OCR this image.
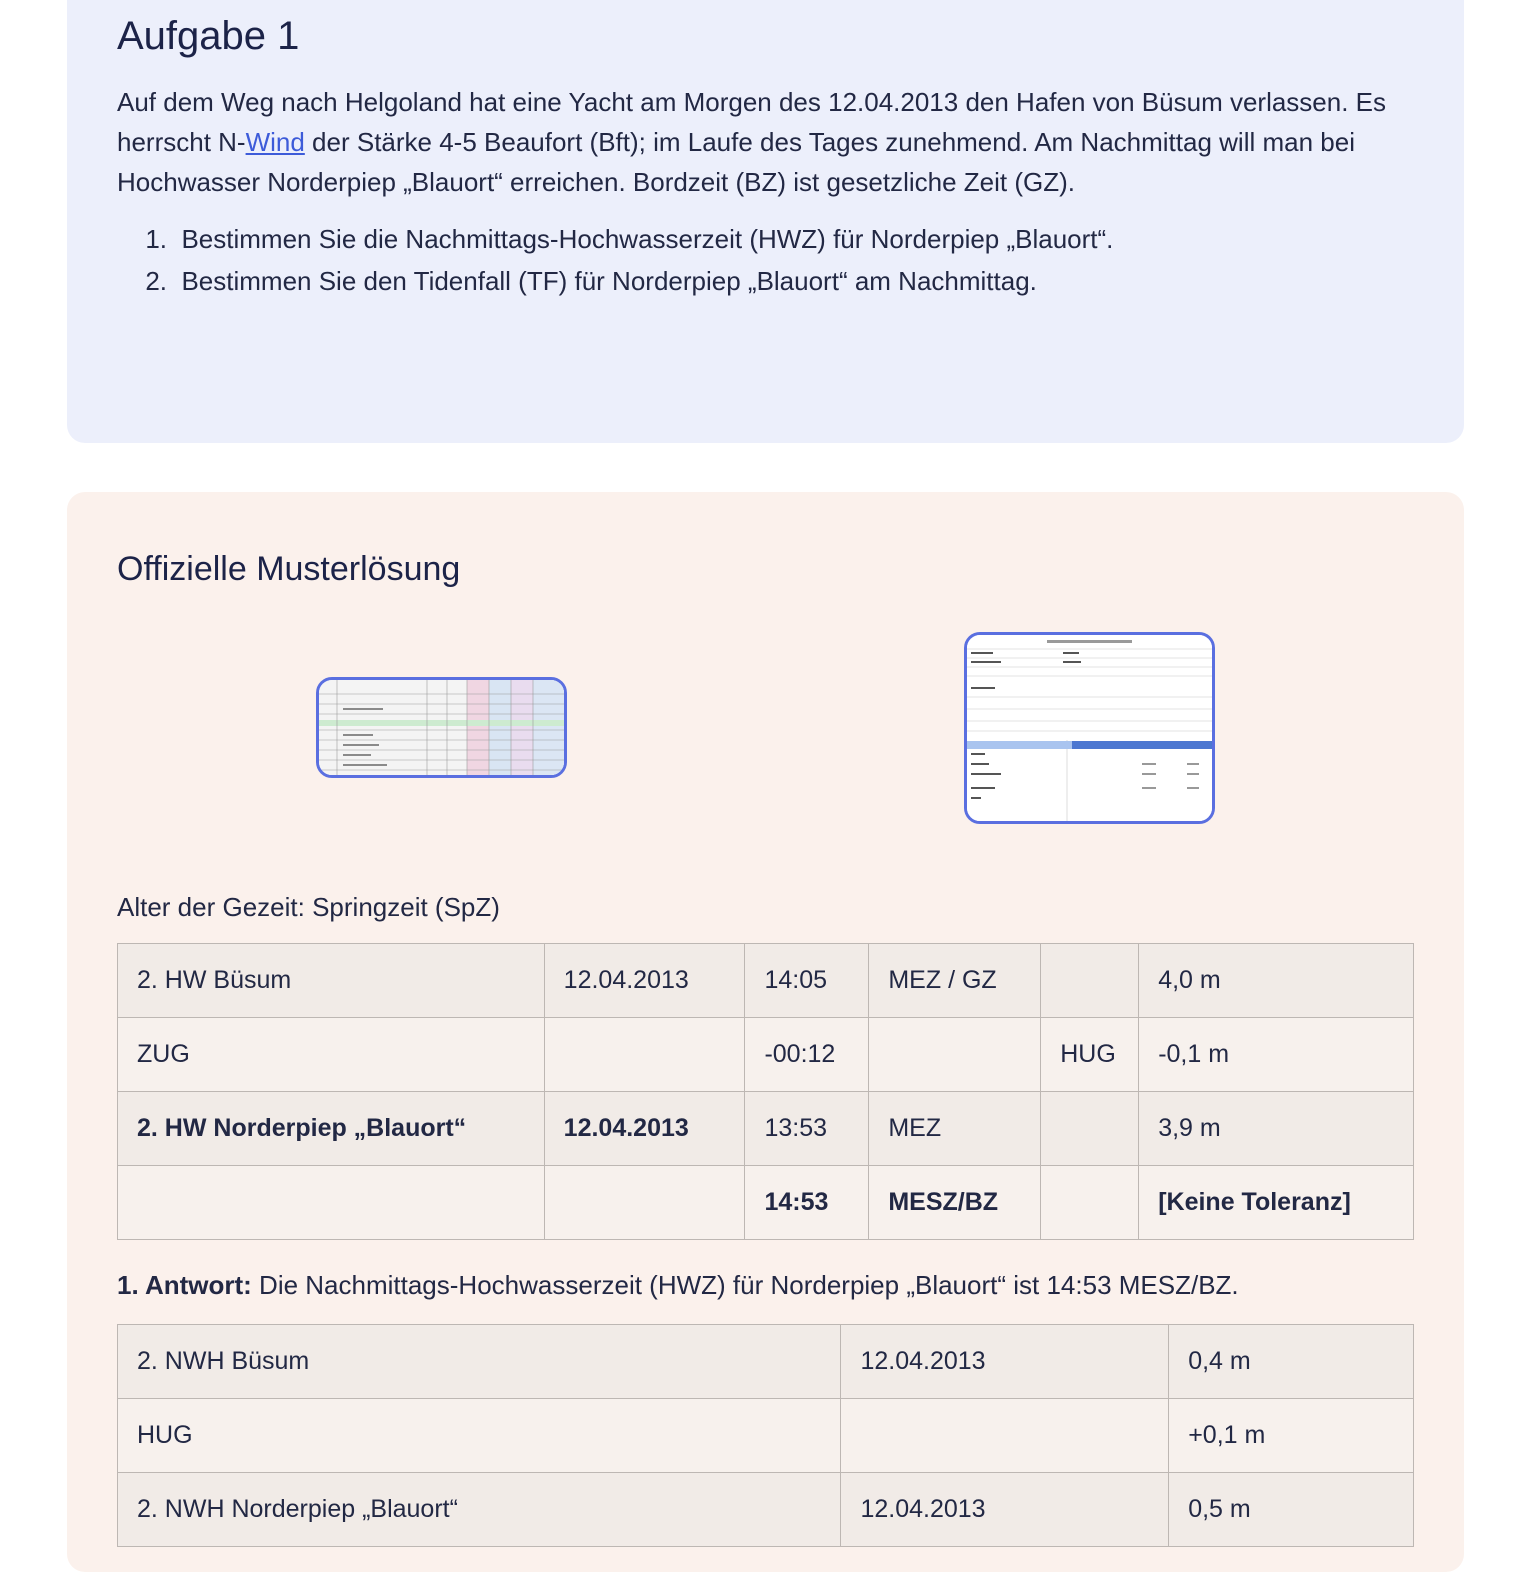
Aufgabe 1

Auf dem Weg nach Helgoland hat eine Yacht am Morgen des 12.04.2013 den Hafen von Büsum verlassen. Es herrscht N-Wind der Stärke 4-5 Beaufort (Bft); im Laufe des Tages zunehmend. Am Nachmittag will man bei Hochwasser Norderpiep „Blauort“ erreichen. Bordzeit (BZ) ist gesetzliche Zeit (GZ).

1. Bestimmen Sie die Nachmittags-Hochwasserzeit (HWZ) für Norderpiep „Blauort“.
2. Bestimmen Sie den Tidenfall (TF) für Norderpiep „Blauort“ am Nachmittag.
Offizielle Musterlösung
Alter der Gezeit: Springzeit (SpZ)
2. HW Büsum	12.04.2013	14:05	MEZ / GZ		4,0 m
ZUG		-00:12		HUG	-0,1 m
2. HW Norderpiep „Blauort“	12.04.2013	13:53	MEZ		3,9 m
		14:53	MESZ/BZ		[Keine Toleranz]
1. Antwort: Die Nachmittags-Hochwasserzeit (HWZ) für Norderpiep „Blauort“ ist 14:53 MESZ/BZ.
2. NWH Büsum	12.04.2013	0,4 m
HUG		+0,1 m
2. NWH Norderpiep „Blauort“	12.04.2013	0,5 m
